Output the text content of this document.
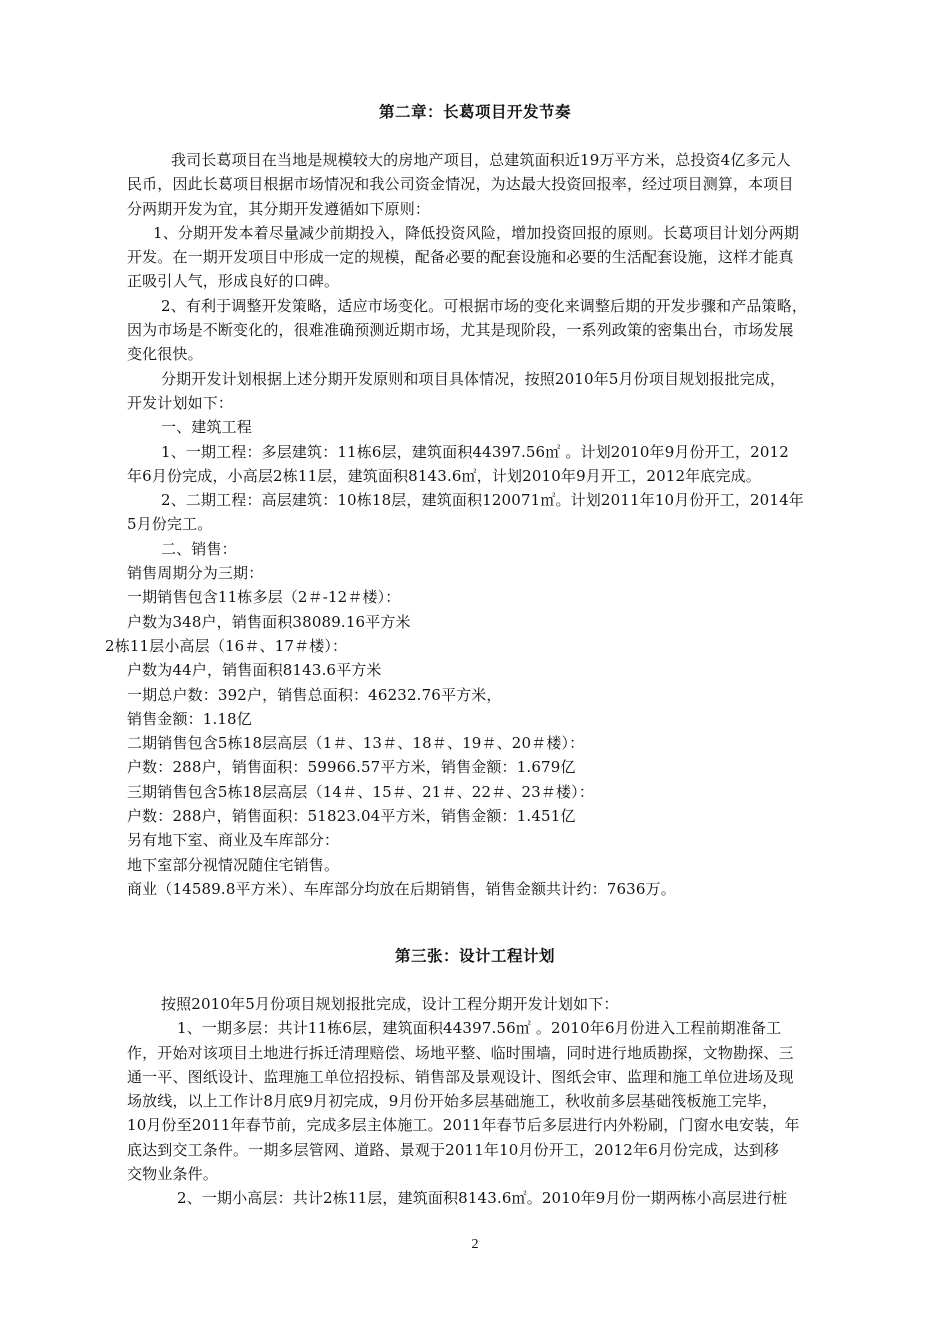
第二章：长葛项目开发节奏
我司长葛项目在当地是规模较大的房地产项目，总建筑面积近19万平方米，总投资4亿多元人
民币，因此长葛项目根据市场情况和我公司资金情况，为达最大投资回报率，经过项目测算，本项目
分两期开发为宜，其分期开发遵循如下原则：
1、分期开发本着尽量减少前期投入，降低投资风险，增加投资回报的原则。长葛项目计划分两期
开发。在一期开发项目中形成一定的规模，配备必要的配套设施和必要的生活配套设施，这样才能真
正吸引人气，形成良好的口碑。
2、有利于调整开发策略，适应市场变化。可根据市场的变化来调整后期的开发步骤和产品策略，
因为市场是不断变化的，很难准确预测近期市场，尤其是现阶段，一系列政策的密集出台，市场发展
变化很快。
分期开发计划根据上述分期开发原则和项目具体情况，按照2010年5月份项目规划报批完成，
开发计划如下：
一、建筑工程
1、一期工程：多层建筑：11栋6层，建筑面积44397.56㎡ 。计划2010年9月份开工，2012
年6月份完成，小高层2栋11层，建筑面积8143.6㎡，计划2010年9月开工，2012年底完成。
2、二期工程：高层建筑：10栋18层，建筑面积120071㎡。计划2011年10月份开工，2014年
5月份完工。
二、销售：
销售周期分为三期：
一期销售包含11栋多层（2＃-12＃楼）：
户数为348户，销售面积38089.16平方米
2栋11层小高层（16＃、17＃楼）：
户数为44户，销售面积8143.6平方米
一期总户数：392户，销售总面积：46232.76平方米，
销售金额：1.18亿
二期销售包含5栋18层高层（1＃、13＃、18＃、19＃、20＃楼）：
户数：288户，销售面积：59966.57平方米，销售金额：1.679亿
三期销售包含5栋18层高层（14＃、15＃、21＃、22＃、23＃楼）：
户数：288户，销售面积：51823.04平方米，销售金额：1.451亿
另有地下室、商业及车库部分：
地下室部分视情况随住宅销售。
商业（14589.8平方米）、车库部分均放在后期销售，销售金额共计约：7636万。
第三张：设计工程计划
按照2010年5月份项目规划报批完成，设计工程分期开发计划如下：
1、一期多层：共计11栋6层，建筑面积44397.56㎡ 。2010年6月份进入工程前期准备工
作，开始对该项目土地进行拆迁清理赔偿、场地平整、临时围墙，同时进行地质勘探，文物勘探、三
通一平、图纸设计、监理施工单位招投标、销售部及景观设计、图纸会审、监理和施工单位进场及现
场放线，以上工作计8月底9月初完成，9月份开始多层基础施工，秋收前多层基础筏板施工完毕，
10月份至2011年春节前，完成多层主体施工。2011年春节后多层进行内外粉刷，门窗水电安装，年
底达到交工条件。一期多层管网、道路、景观于2011年10月份开工，2012年6月份完成，达到移
交物业条件。
2、一期小高层：共计2栋11层，建筑面积8143.6㎡。2010年9月份一期两栋小高层进行桩
2
